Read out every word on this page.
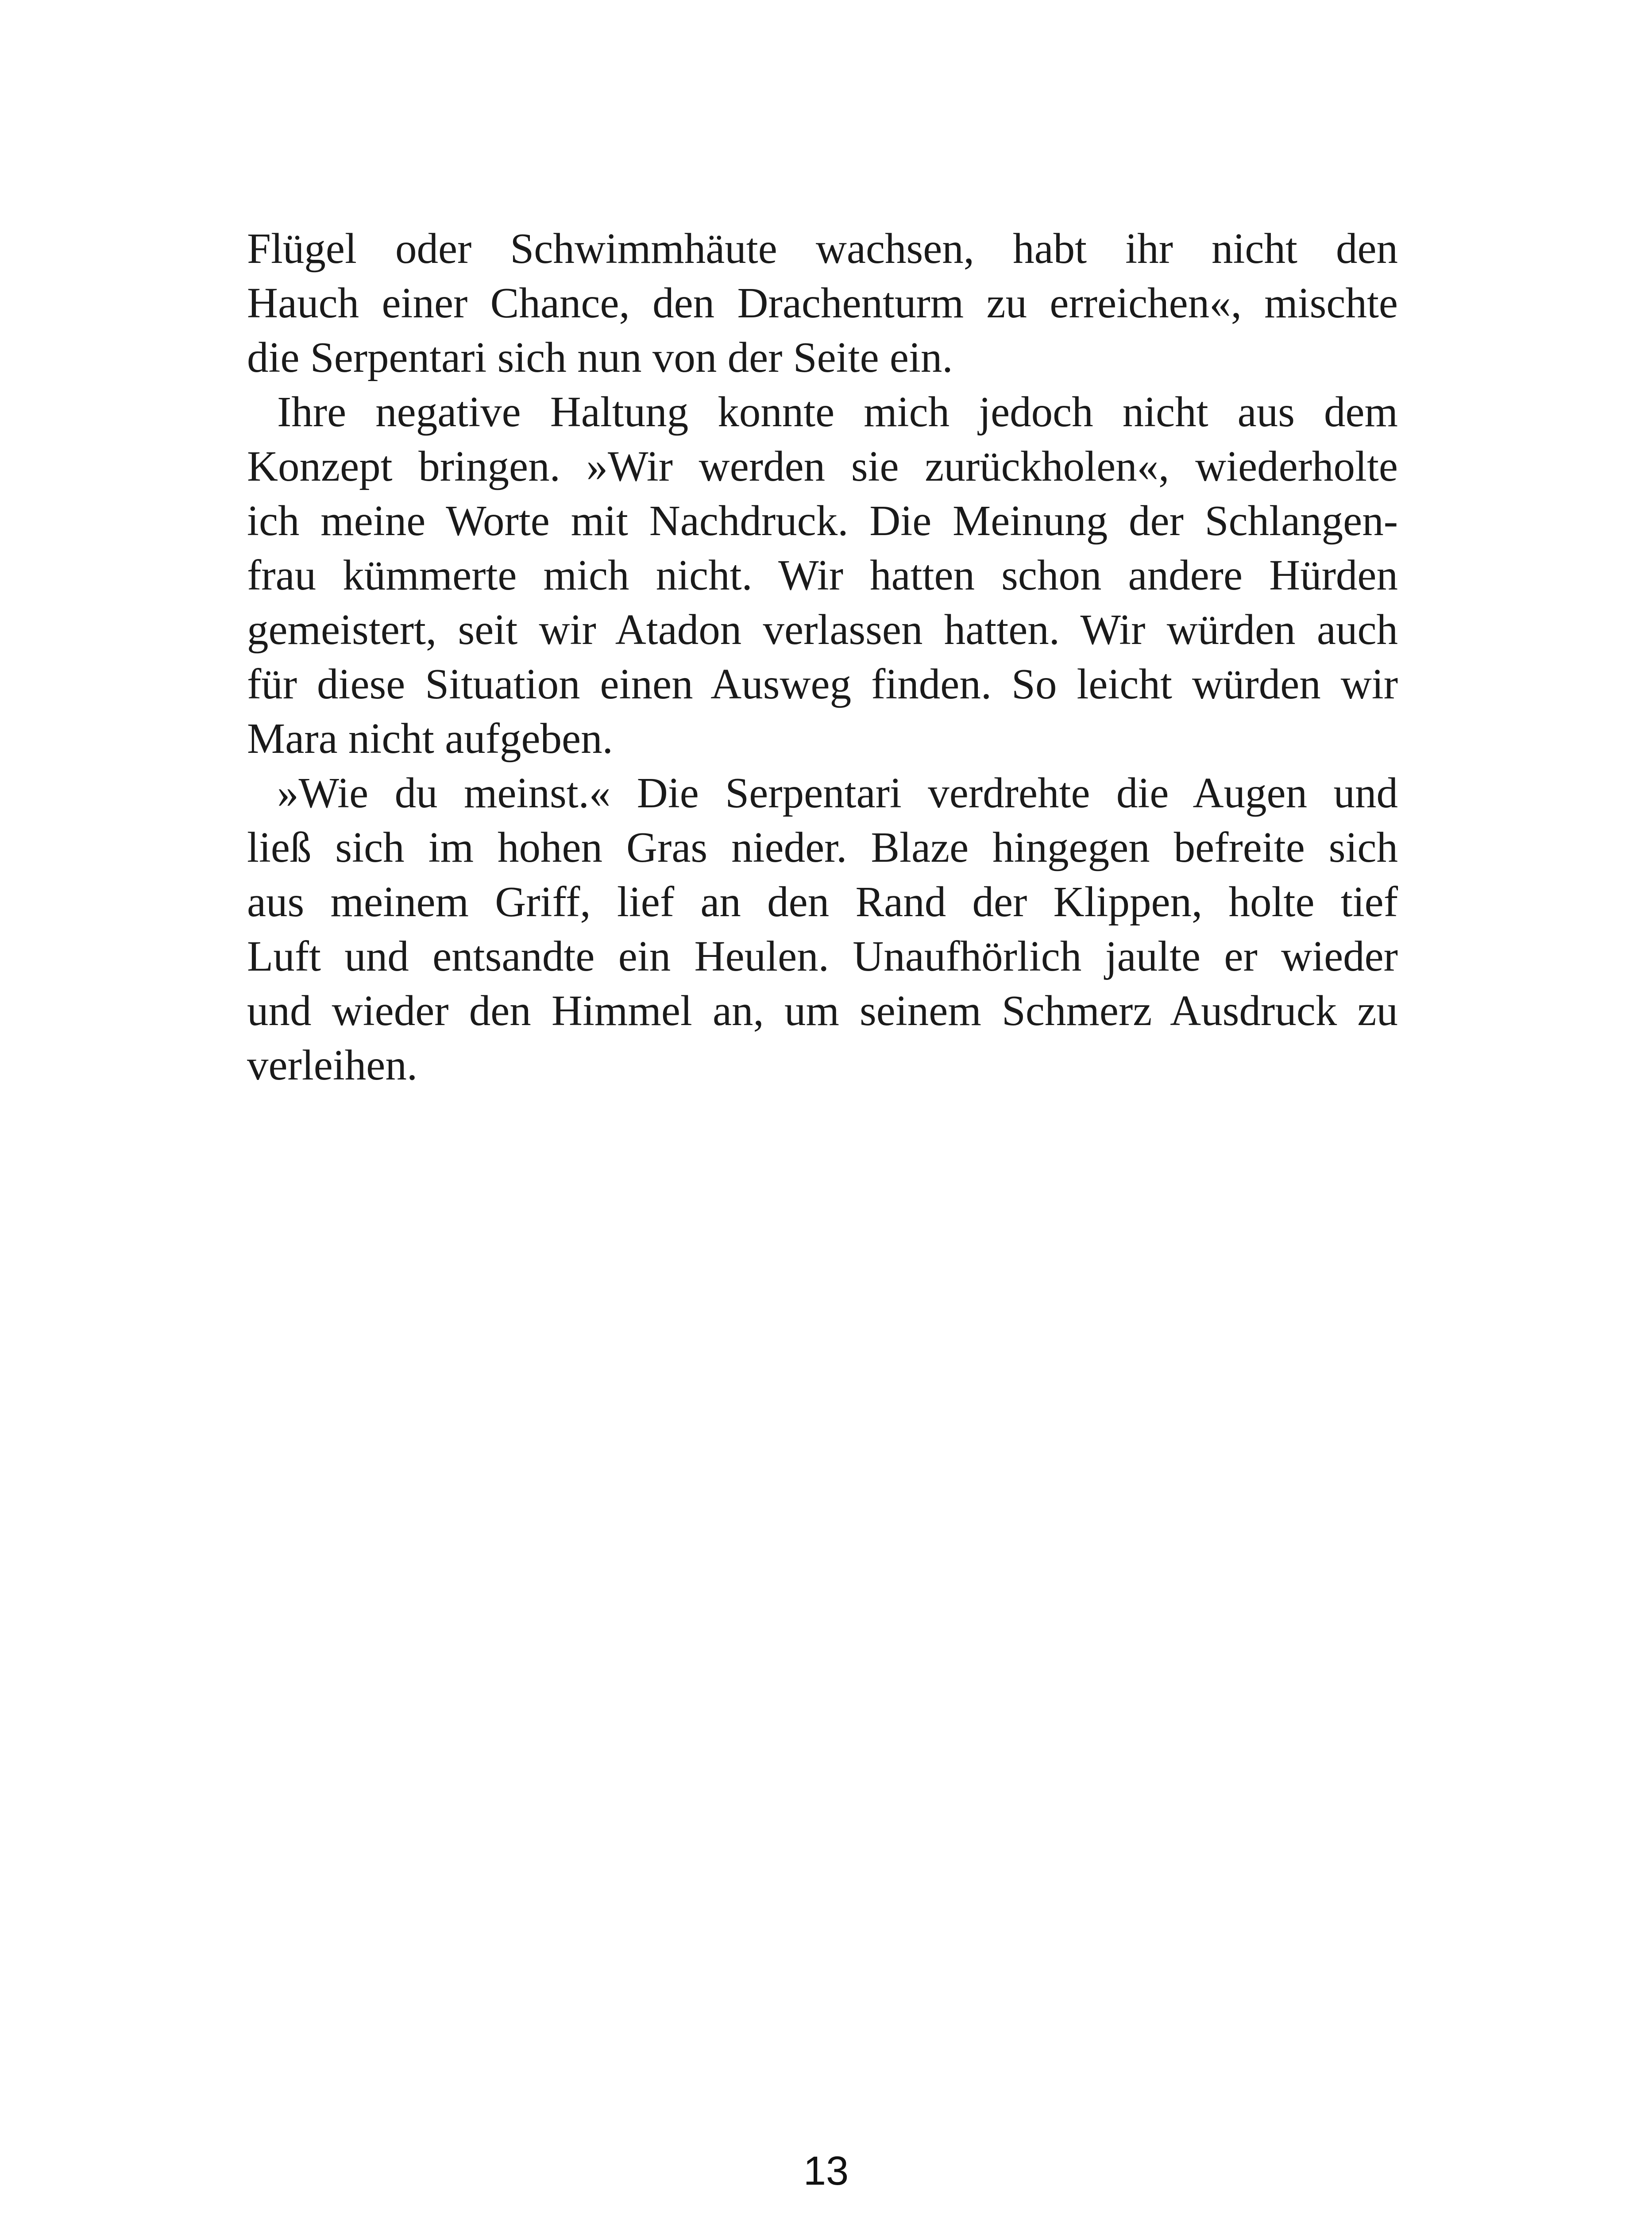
Flügel oder Schwimmhäute wachsen, habt ihr nicht den
Hauch einer Chance, den Drachenturm zu erreichen«, mischte
die Serpentari sich nun von der Seite ein.
Ihre negative Haltung konnte mich jedoch nicht aus dem
Konzept bringen. »Wir werden sie zurückholen«, wiederholte
ich meine Worte mit Nachdruck. Die Meinung der Schlangen-
frau kümmerte mich nicht. Wir hatten schon andere Hürden
gemeistert, seit wir Atadon verlassen hatten. Wir würden auch
für diese Situation einen Ausweg finden. So leicht würden wir
Mara nicht aufgeben.
»Wie du meinst.« Die Serpentari verdrehte die Augen und
ließ sich im hohen Gras nieder. Blaze hingegen befreite sich
aus meinem Griff, lief an den Rand der Klippen, holte tief
Luft und entsandte ein Heulen. Unaufhörlich jaulte er wieder
und wieder den Himmel an, um seinem Schmerz Ausdruck zu
verleihen.
13
